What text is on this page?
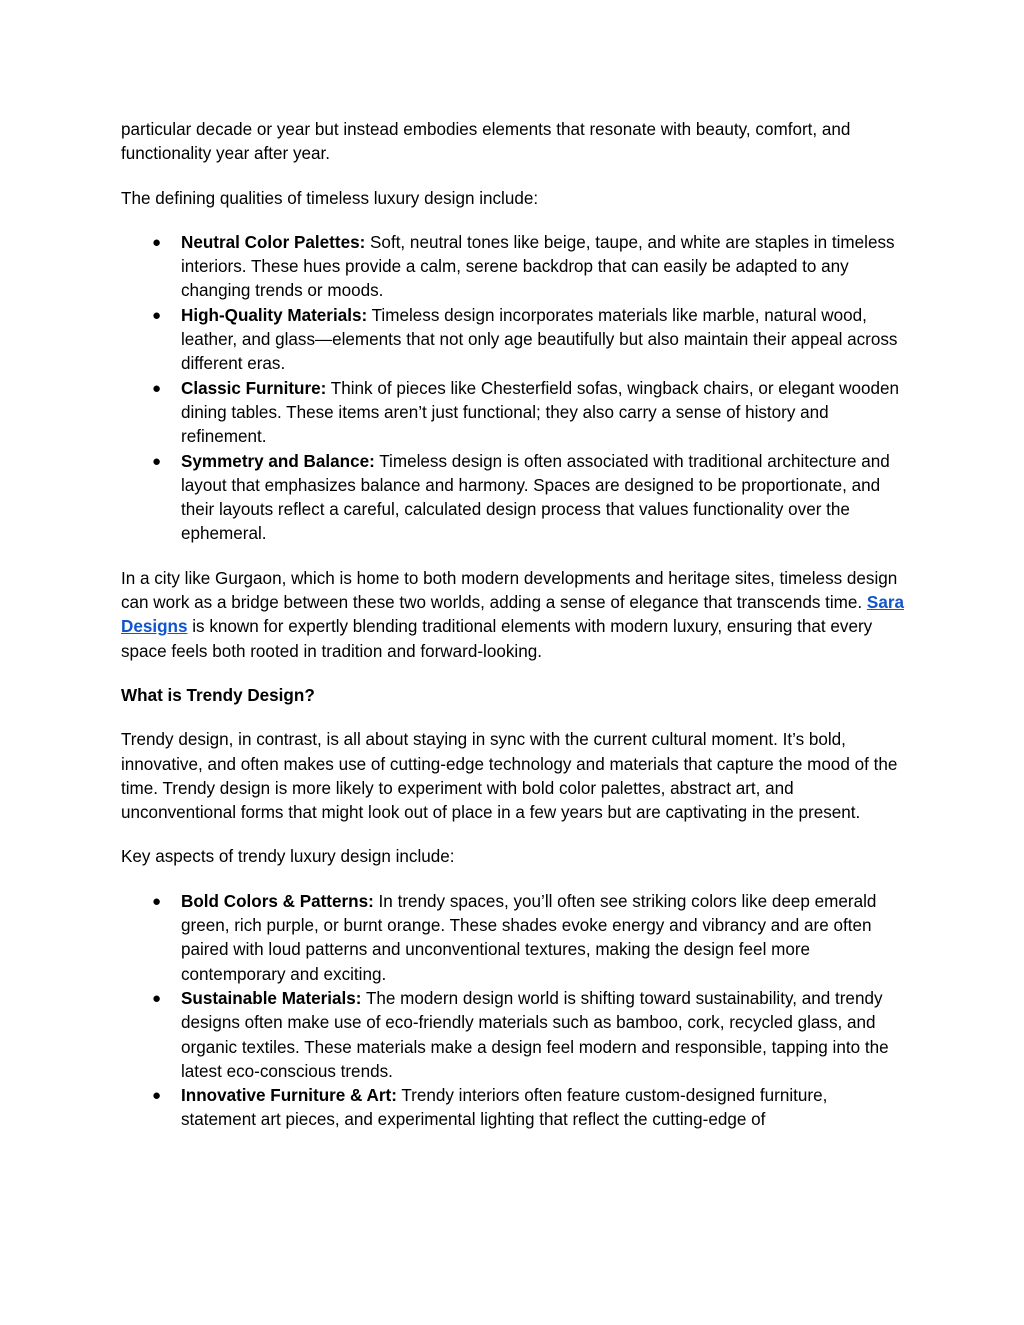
particular decade or year but instead embodies elements that resonate with beauty, comfort, and functionality year after year.

The defining qualities of timeless luxury design include:

● Neutral Color Palettes: Soft, neutral tones like beige, taupe, and white are staples in timeless interiors. These hues provide a calm, serene backdrop that can easily be adapted to any changing trends or moods.
● High-Quality Materials: Timeless design incorporates materials like marble, natural wood, leather, and glass—elements that not only age beautifully but also maintain their appeal across different eras.
● Classic Furniture: Think of pieces like Chesterfield sofas, wingback chairs, or elegant wooden dining tables. These items aren’t just functional; they also carry a sense of history and refinement.
● Symmetry and Balance: Timeless design is often associated with traditional architecture and layout that emphasizes balance and harmony. Spaces are designed to be proportionate, and their layouts reflect a careful, calculated design process that values functionality over the ephemeral.

In a city like Gurgaon, which is home to both modern developments and heritage sites, timeless design can work as a bridge between these two worlds, adding a sense of elegance that transcends time. Sara Designs is known for expertly blending traditional elements with modern luxury, ensuring that every space feels both rooted in tradition and forward-looking.

What is Trendy Design?

Trendy design, in contrast, is all about staying in sync with the current cultural moment. It’s bold, innovative, and often makes use of cutting-edge technology and materials that capture the mood of the time. Trendy design is more likely to experiment with bold color palettes, abstract art, and unconventional forms that might look out of place in a few years but are captivating in the present.

Key aspects of trendy luxury design include:

● Bold Colors & Patterns: In trendy spaces, you’ll often see striking colors like deep emerald green, rich purple, or burnt orange. These shades evoke energy and vibrancy and are often paired with loud patterns and unconventional textures, making the design feel more contemporary and exciting.
● Sustainable Materials: The modern design world is shifting toward sustainability, and trendy designs often make use of eco-friendly materials such as bamboo, cork, recycled glass, and organic textiles. These materials make a design feel modern and responsible, tapping into the latest eco-conscious trends.
● Innovative Furniture & Art: Trendy interiors often feature custom-designed furniture, statement art pieces, and experimental lighting that reflect the cutting-edge of
